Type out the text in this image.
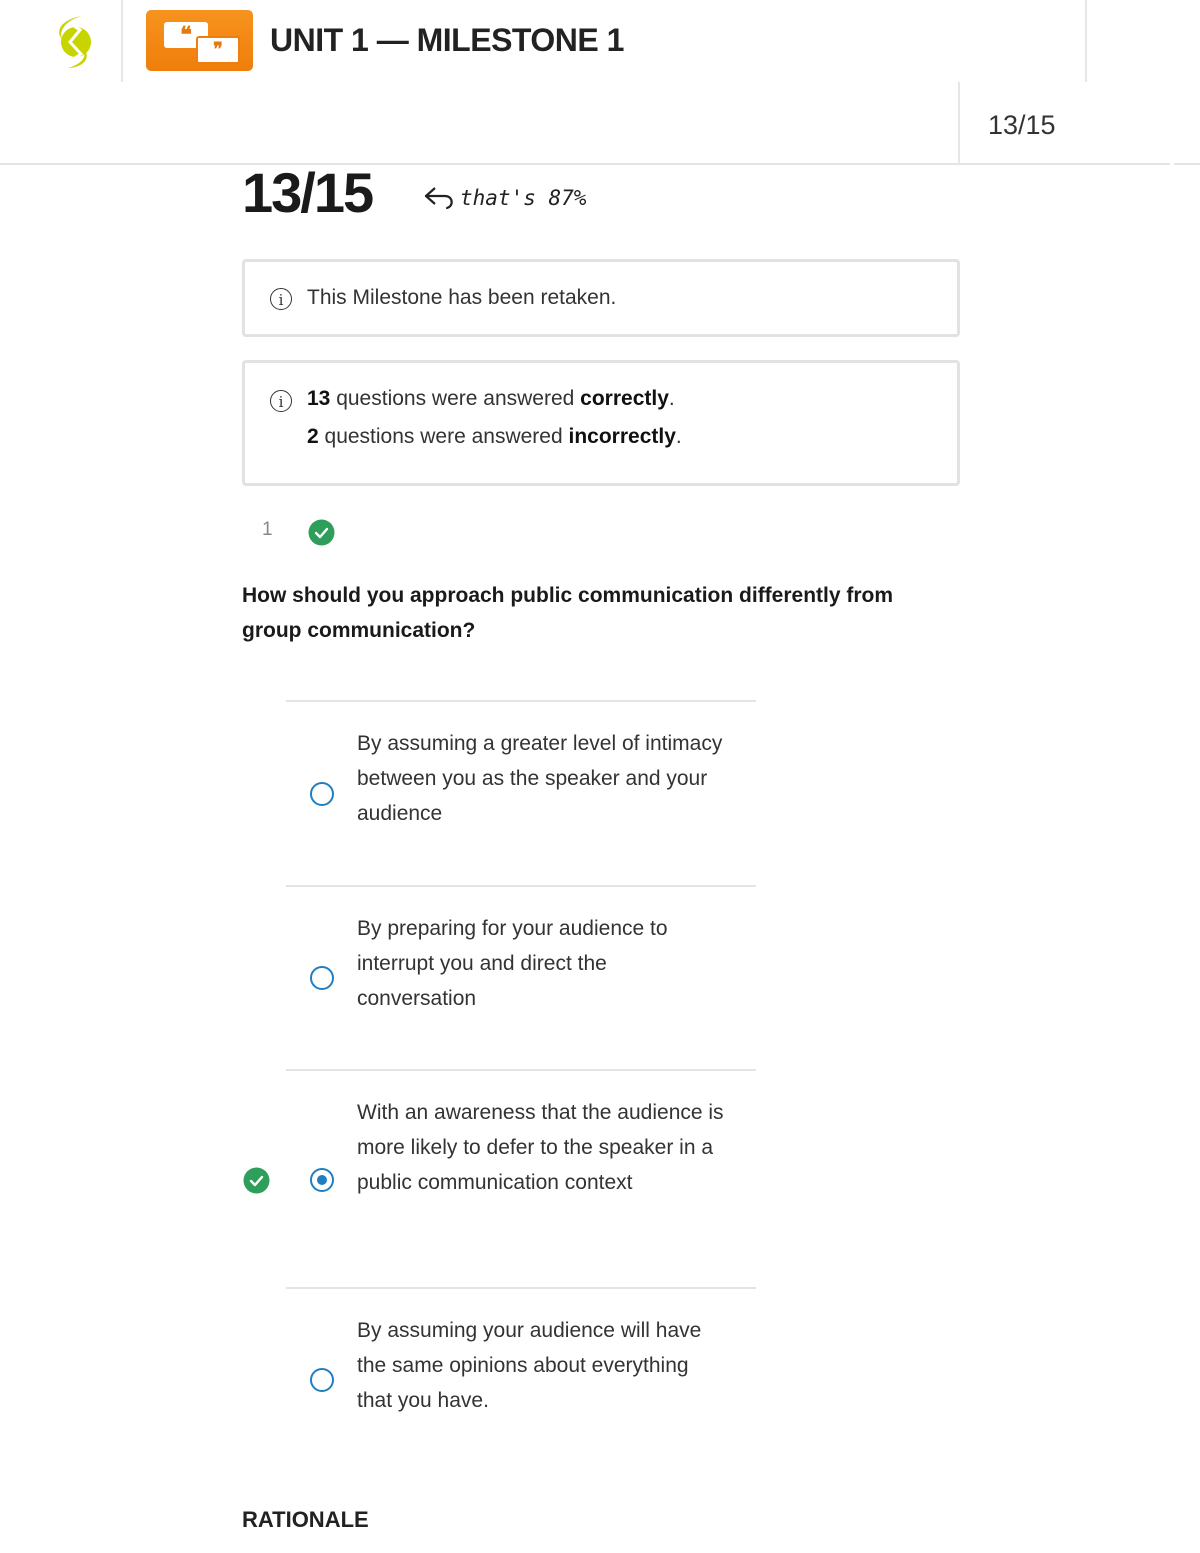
❝
❞	UNIT 1 — MILESTONE 1
13/15
13/15	that's 87%
i	This Milestone has been retaken.
i	13 questions were answered correctly.
2 questions were answered incorrectly.
1
How should you approach public communication differently from group communication?
By assuming a greater level of intimacy between you as the speaker and your audience
By preparing for your audience to interrupt you and direct the conversation
With an awareness that the audience is more likely to defer to the speaker in a public communication context
By assuming your audience will have the same opinions about everything that you have.
RATIONALE
